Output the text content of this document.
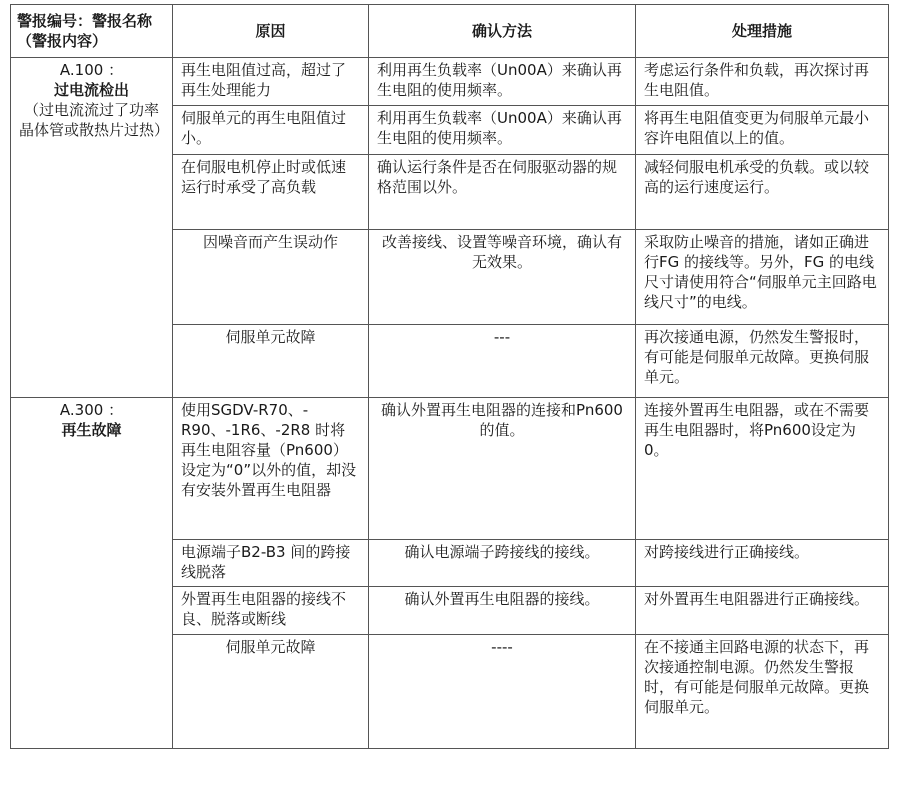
警报编号：警报名称（警报内容）	原因	确认方法	处理措施

A.100 ：
过电流检出
（过电流流过了功率晶体管或散热片过热）	再生电阻值过高，超过了再生处理能力	利用再生负载率（Un00A）来确认再生电阻的使用频率。	考虑运行条件和负载，再次探讨再生电阻值。
	伺服单元的再生电阻值过小。	利用再生负载率（Un00A）来确认再生电阻的使用频率。	将再生电阻值变更为伺服单元最小容许电阻值以上的值。
	在伺服电机停止时或低速运行时承受了高负载	确认运行条件是否在伺服驱动器的规格范围以外。	减轻伺服电机承受的负载。或以较高的运行速度运行。
	因噪音而产生误动作	改善接线、设置等噪音环境，确认有无效果。	采取防止噪音的措施，诸如正确进行FG 的接线等。另外，FG 的电线尺寸请使用符合“伺服单元主回路电线尺寸”的电线。
	伺服单元故障	---	再次接通电源，仍然发生警报时，有可能是伺服单元故障。更换伺服单元。

A.300 ：
再生故障	使用SGDV-R70、-R90、-1R6、-2R8 时将再生电阻容量（Pn600）设定为“0”以外的值，却没有安装外置再生电阻器	确认外置再生电阻器的连接和Pn600 的值。	连接外置再生电阻器，或在不需要再生电阻器时，将Pn600设定为0。
	电源端子B2-B3 间的跨接线脱落	确认电源端子跨接线的接线。	对跨接线进行正确接线。
	外置再生电阻器的接线不良、脱落或断线	确认外置再生电阻器的接线。	对外置再生电阻器进行正确接线。
	伺服单元故障	----	在不接通主回路电源的状态下，再次接通控制电源。仍然发生警报时，有可能是伺服单元故障。更换伺服单元。
